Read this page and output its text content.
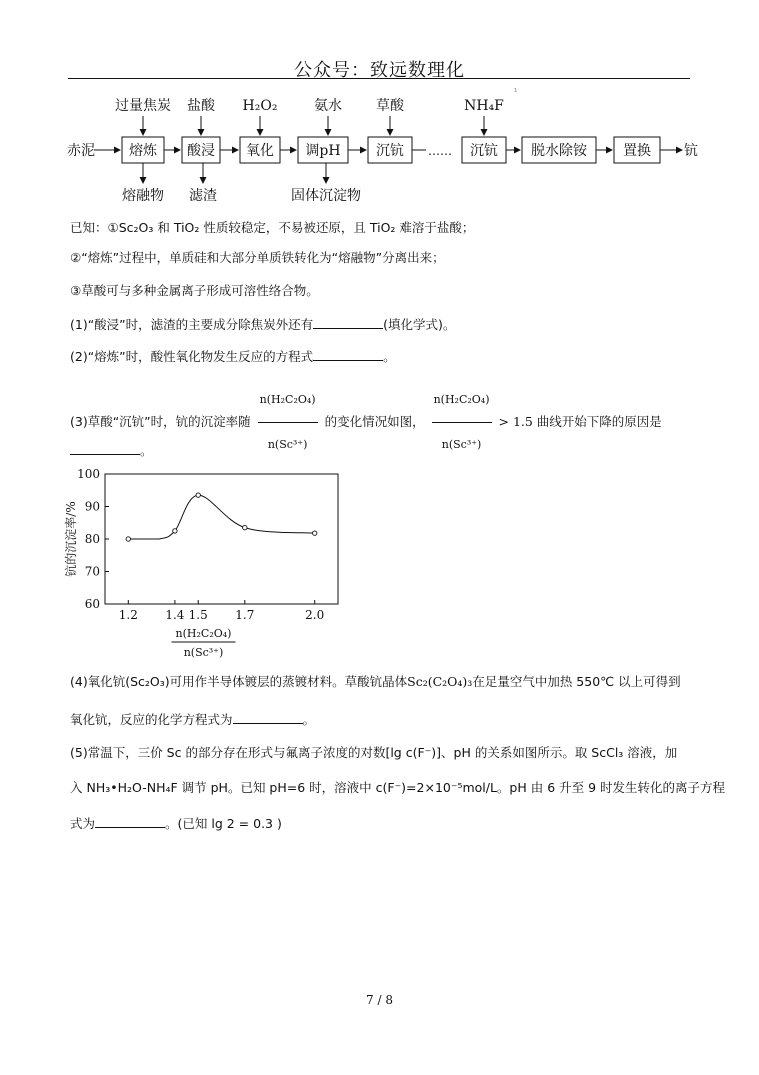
公众号：致远数理化
1
赤泥	钪
……
熔炼 酸浸 氧化 调pH	沉钪	沉钪 脱水除铵	置换
过量焦炭 盐酸 H₂O₂	氨水 草酸	NH₄F
熔融物 滤渣	固体沉淀物
已知：①Sc₂O₃ 和 TiO₂ 性质较稳定，不易被还原，且 TiO₂ 难溶于盐酸；
②“熔炼”过程中，单质硅和大部分单质铁转化为“熔融物”分离出来；
③草酸可与多种金属离子形成可溶性络合物。
(1)“酸浸”时，滤渣的主要成分除焦炭外还有	(填化学式)。
(2)“熔炼”时，酸性氧化物发生反应的方程式	。
(3)草酸“沉钪”时，钪的沉淀率随 $\frac{\text{n(H₂C₂O₄)}}{\text{n(Sc³⁺)}}$ 的变化情况如图， $\frac{\text{n(H₂C₂O₄)}}{\text{n(Sc³⁺)}} > 1.5$ 曲线开始下降的原因是
。
60
70
80
90
100
1.2 1.4 1.5 1.7	2.0
钪的沉淀率/%
n(H₂C₂O₄)
n(Sc³⁺)
(4)氧化钪(Sc₂O₃)可用作半导体镀层的蒸镀材料。草酸钪晶体Sc₂(C₂O₄)₃在足量空气中加热 550℃ 以上可得到
氧化钪，反应的化学方程式为	。
(5)常温下，三价 Sc 的部分存在形式与氟离子浓度的对数[lg c(F⁻)]、pH 的关系如图所示。取 ScCl₃ 溶液，加
入 NH₃•H₂O-NH₄F 调节 pH。已知 pH=6 时，溶液中 c(F⁻)=2×10⁻⁵mol/L。pH 由 6 升至 9 时发生转化的离子方程
式为	。(已知 lg 2 = 0.3 )
7 / 8
